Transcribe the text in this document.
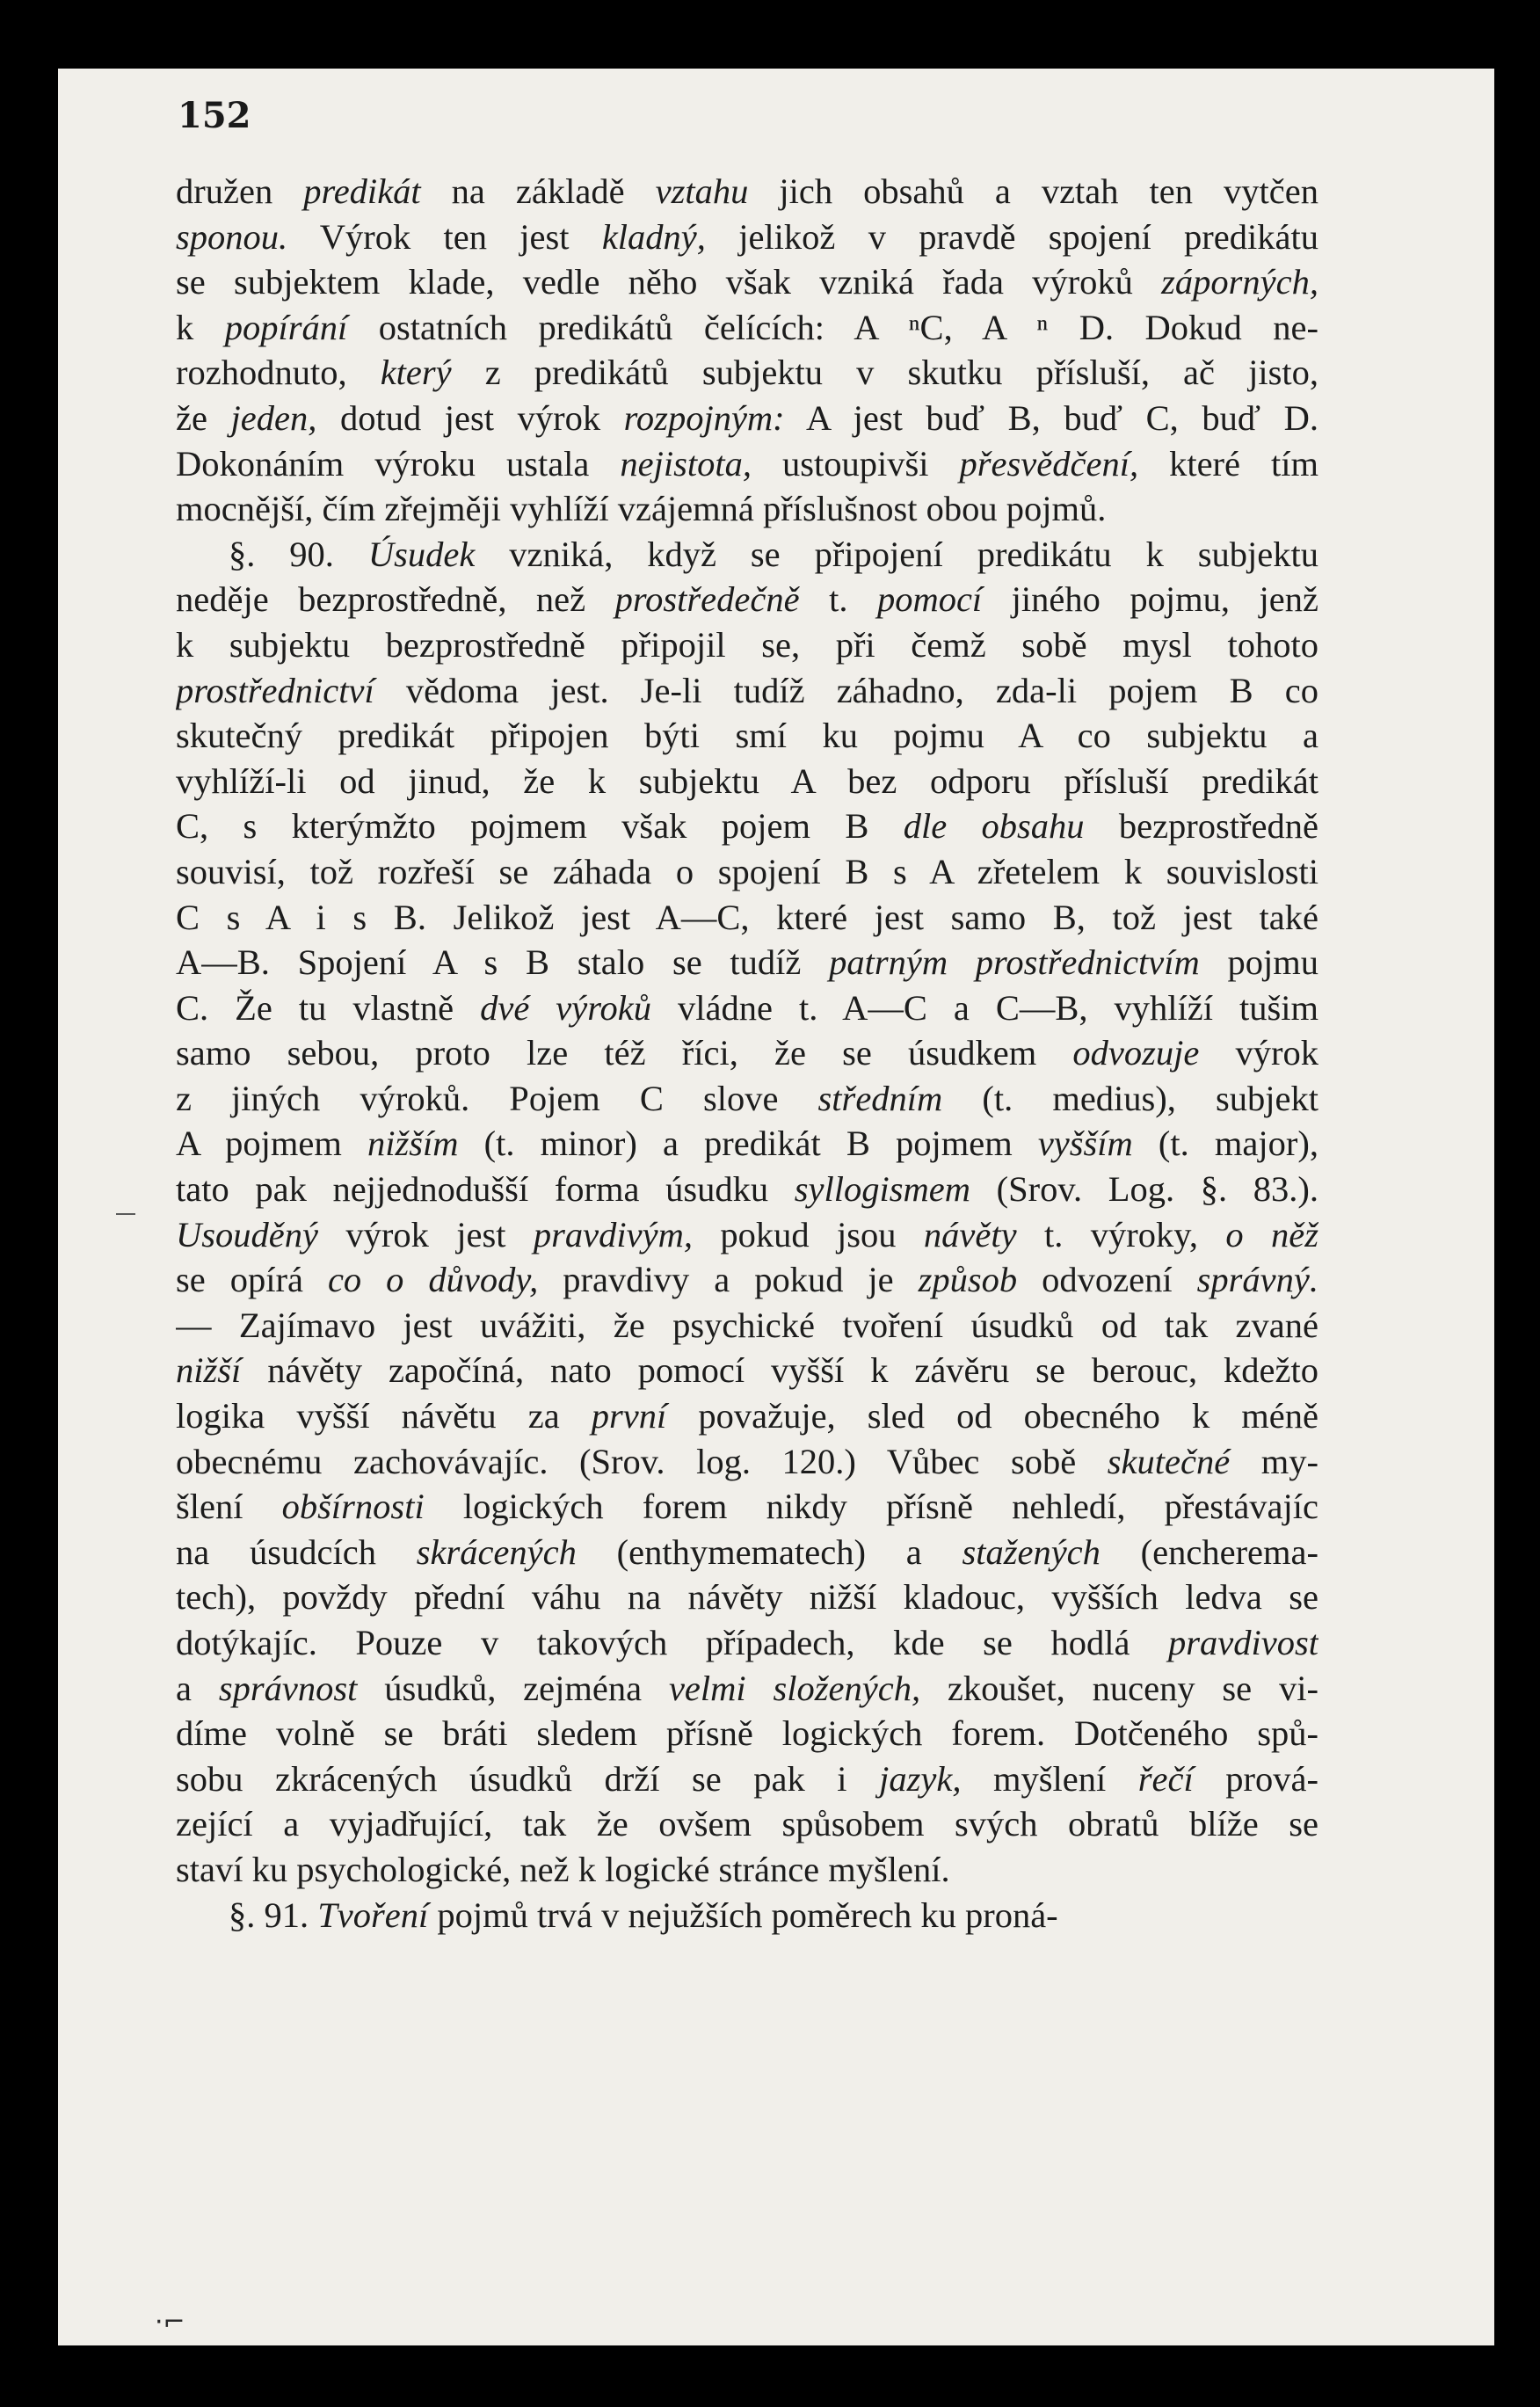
·⌐

152

družen predikát na základě vztahu jich obsahů a vztah ten vytčen
sponou. Výrok ten jest kladný, jelikož v pravdě spojení predikátu
se subjektem klade, vedle něho však vzniká řada výroků záporných,
k popírání ostatních predikátů čelících: A ⁿC, A ⁿ D. Dokud ne-
rozhodnuto, který z predikátů subjektu v skutku přísluší, ač jisto,
že jeden, dotud jest výrok rozpojným: A jest buď B, buď C, buď D.
Dokonáním výroku ustala nejistota, ustoupivši přesvědčení, které tím
mocnější, čím zřejměji vyhlíží vzájemná příslušnost obou pojmů.
§. 90. Úsudek vzniká, když se připojení predikátu k subjektu
neděje bezprostředně, než prostředečně t. pomocí jiného pojmu, jenž
k subjektu bezprostředně připojil se, při čemž sobě mysl tohoto
prostřednictví vědoma jest. Je-li tudíž záhadno, zda-li pojem B co
skutečný predikát připojen býti smí ku pojmu A co subjektu a
vyhlíží-li od jinud, že k subjektu A bez odporu přísluší predikát
C, s kterýmžto pojmem však pojem B dle obsahu bezprostředně
souvisí, tož rozřeší se záhada o spojení B s A zřetelem k souvislosti
C s A i s B. Jelikož jest A—C, které jest samo B, tož jest také
A—B. Spojení A s B stalo se tudíž patrným prostřednictvím pojmu
C. Že tu vlastně dvé výroků vládne t. A—C a C—B, vyhlíží tušim
samo sebou, proto lze též říci, že se úsudkem odvozuje výrok
z jiných výroků. Pojem C slove středním (t. medius), subjekt
A pojmem nižším (t. minor) a predikát B pojmem vyšším (t. major),
tato pak nejjednodušší forma úsudku syllogismem (Srov. Log. §. 83.).
Usouděný výrok jest pravdivým, pokud jsou návěty t. výroky, o něž
se opírá co o důvody, pravdivy a pokud je způsob odvození správný.
— Zajímavo jest uvážiti, že psychické tvoření úsudků od tak zvané
nižší návěty započíná, nato pomocí vyšší k závěru se berouc, kdežto
logika vyšší návětu za první považuje, sled od obecného k méně
obecnému zachovávajíc. (Srov. log. 120.) Vůbec sobě skutečné my-
šlení obšírnosti logických forem nikdy přísně nehledí, přestávajíc
na úsudcích skrácených (enthymematech) a stažených (encherema-
tech), povždy přední váhu na návěty nižší kladouc, vyšších ledva se
dotýkajíc. Pouze v takových případech, kde se hodlá pravdivost
a správnost úsudků, zejména velmi složených, zkoušet, nuceny se vi-
díme volně se bráti sledem přísně logických forem. Dotčeného spů-
sobu zkrácených úsudků drží se pak i jazyk, myšlení řečí prová-
zející a vyjadřující, tak že ovšem spůsobem svých obratů blíže se
staví ku psychologické, než k logické stránce myšlení.
§. 91. Tvoření pojmů trvá v nejužších poměrech ku proná-
